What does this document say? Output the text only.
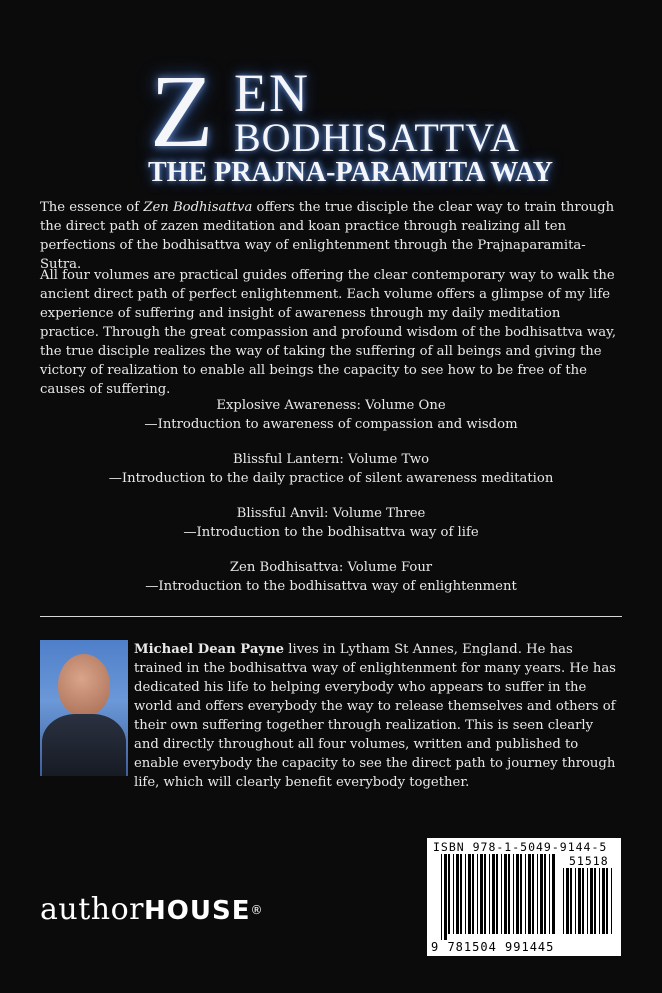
Z EN
BODHISATTVA
THE PRAJNA-PARAMITA WAY

The essence of Zen Bodhisattva offers the true disciple the clear way to train through the direct path of zazen meditation and koan practice through realizing all ten perfections of the bodhisattva way of enlightenment through the Prajnaparamita-Sutra.

All four volumes are practical guides offering the clear contemporary way to walk the ancient direct path of perfect enlightenment. Each volume offers a glimpse of my life experience of suffering and insight of awareness through my daily meditation practice. Through the great compassion and profound wisdom of the bodhisattva way, the true disciple realizes the way of taking the suffering of all beings and giving the victory of realization to enable all beings the capacity to see how to be free of the causes of suffering.

Explosive Awareness: Volume One
—Introduction to awareness of compassion and wisdom
Blissful Lantern: Volume Two
—Introduction to the daily practice of silent awareness meditation
Blissful Anvil: Volume Three
—Introduction to the bodhisattva way of life
Zen Bodhisattva: Volume Four
—Introduction to the bodhisattva way of enlightenment

Michael Dean Payne lives in Lytham St Annes, England. He has trained in the bodhisattva way of enlightenment for many years. He has dedicated his life to helping everybody who appears to suffer in the world and offers everybody the way to release themselves and others of their own suffering together through realization. This is seen clearly and directly throughout all four volumes, written and published to enable everybody the capacity to see the direct path to journey through life, which will clearly benefit everybody together.

authorHOUSE®
ISBN 978-1-5049-9144-5
51518
9 781504 991445
